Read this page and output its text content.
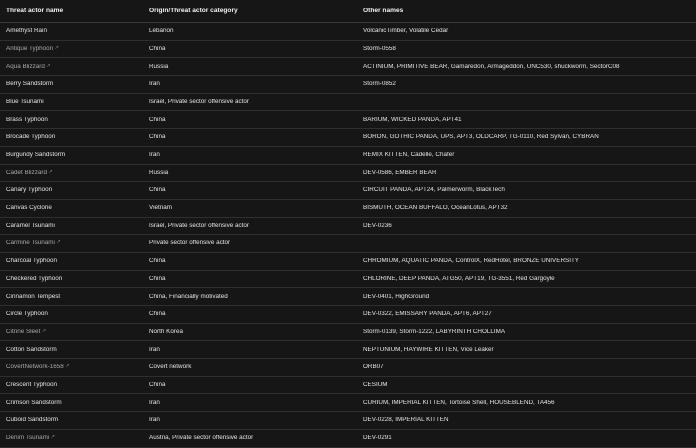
Threat actor name	Origin/Threat actor category	Other names
Amethyst Rain	Lebanon	VolcanicTimber, Volatile Cedar
Antique Typhoon ↗	China	Storm-0558
Aqua Blizzard ↗	Russia	ACTINIUM, PRIMITIVE BEAR, Gamaredon, Armageddon, UNC530, shuckworm, SectorC08
Berry Sandstorm	Iran	Storm-0852
Blue Tsunami	Israel, Private sector offensive actor
Brass Typhoon	China	BARIUM, WICKED PANDA, APT41
Brocade Typhoon	China	BORON, GOTHIC PANDA, UPS, APT3, OLDCARP, TG-0110, Red Sylvan, CYBRAN
Burgundy Sandstorm	Iran	REMIX KITTEN, Cadelle, Chafer
Cadet Blizzard ↗	Russia	DEV-0586, EMBER BEAR
Canary Typhoon	China	CIRCUIT PANDA, APT24, Palmerworm, BlackTech
Canvas Cyclone	Vietnam	BISMUTH, OCEAN BUFFALO, OceanLotus, APT32
Caramel Tsunami	Israel, Private sector offensive actor	DEV-0236
Carmine Tsunami ↗	Private sector offensive actor
Charcoal Typhoon	China	CHROMIUM, AQUATIC PANDA, ControlX, RedHotel, BRONZE UNIVERSITY
Checkered Typhoon	China	CHLORINE, DEEP PANDA, ATG50, APT19, TG-3551, Red Gargoyle
Cinnamon Tempest	China, Financially motivated	DEV-0401, HighGround
Circle Typhoon	China	DEV-0322, EMISSARY PANDA, APT6, APT27
Citrine Sleet ↗	North Korea	Storm-0139, Storm-1222, LABYRINTH CHOLLIMA
Cotton Sandstorm	Iran	NEPTUNIUM, HAYWIRE KITTEN, Vice Leaker
CovertNetwork-1658 ↗	Covert network	ORB07
Crescent Typhoon	China	CESIUM
Crimson Sandstorm	Iran	CURIUM, IMPERIAL KITTEN, Tortoise Shell, HOUSEBLEND, TA456
Cuboid Sandstorm	Iran	DEV-0228, IMPERIAL KITTEN
Denim Tsunami ↗	Austria, Private sector offensive actor	DEV-0291
